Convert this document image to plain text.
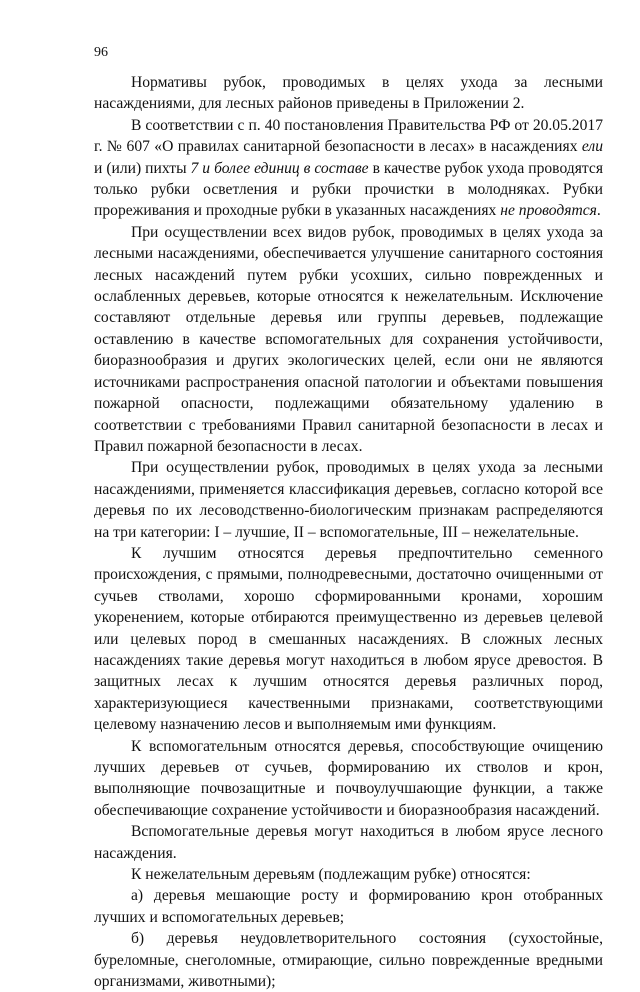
96

Нормативы рубок, проводимых в целях ухода за лесными насаждениями, для лесных районов приведены в Приложении 2.

В соответствии с п. 40 постановления Правительства РФ от 20.05.2017 г. № 607 «О правилах санитарной безопасности в лесах» в насаждениях ели и (или) пихты 7 и более единиц в составе в качестве рубок ухода проводятся только рубки осветления и рубки прочистки в молодняках. Рубки прореживания и проходные рубки в указанных насаждениях не проводятся.

При осуществлении всех видов рубок, проводимых в целях ухода за лесными насаждениями, обеспечивается улучшение санитарного состояния лесных насаждений путем рубки усохших, сильно поврежденных и ослабленных деревьев, которые относятся к нежелательным. Исключение составляют отдельные деревья или группы деревьев, подлежащие оставлению в качестве вспомогательных для сохранения устойчивости, биоразнообразия и других экологических целей, если они не являются источниками распространения опасной патологии и объектами повышения пожарной опасности, подлежащими обязательному удалению в соответствии с требованиями Правил санитарной безопасности в лесах и Правил пожарной безопасности в лесах.

При осуществлении рубок, проводимых в целях ухода за лесными насаждениями, применяется классификация деревьев, согласно которой все деревья по их лесоводственно-биологическим признакам распределяются на три категории: I – лучшие, II – вспомогательные, III – нежелательные.

К лучшим относятся деревья предпочтительно семенного происхождения, с прямыми, полнодревесными, достаточно очищенными от сучьев стволами, хорошо сформированными кронами, хорошим укоренением, которые отбираются преимущественно из деревьев целевой или целевых пород в смешанных насаждениях. В сложных лесных насаждениях такие деревья могут находиться в любом ярусе древостоя. В защитных лесах к лучшим относятся деревья различных пород, характеризующиеся качественными признаками, соответствующими целевому назначению лесов и выполняемым ими функциям.

К вспомогательным относятся деревья, способствующие очищению лучших деревьев от сучьев, формированию их стволов и крон, выполняющие почвозащитные и почвоулучшающие функции, а также обеспечивающие сохранение устойчивости и биоразнообразия насаждений.

Вспомогательные деревья могут находиться в любом ярусе лесного насаждения.

К нежелательным деревьям (подлежащим рубке) относятся:

а) деревья мешающие росту и формированию крон отобранных лучших и вспомогательных деревьев;

б) деревья неудовлетворительного состояния (сухостойные, буреломные, снеголомные, отмирающие, сильно поврежденные вредными организмами, животными);
